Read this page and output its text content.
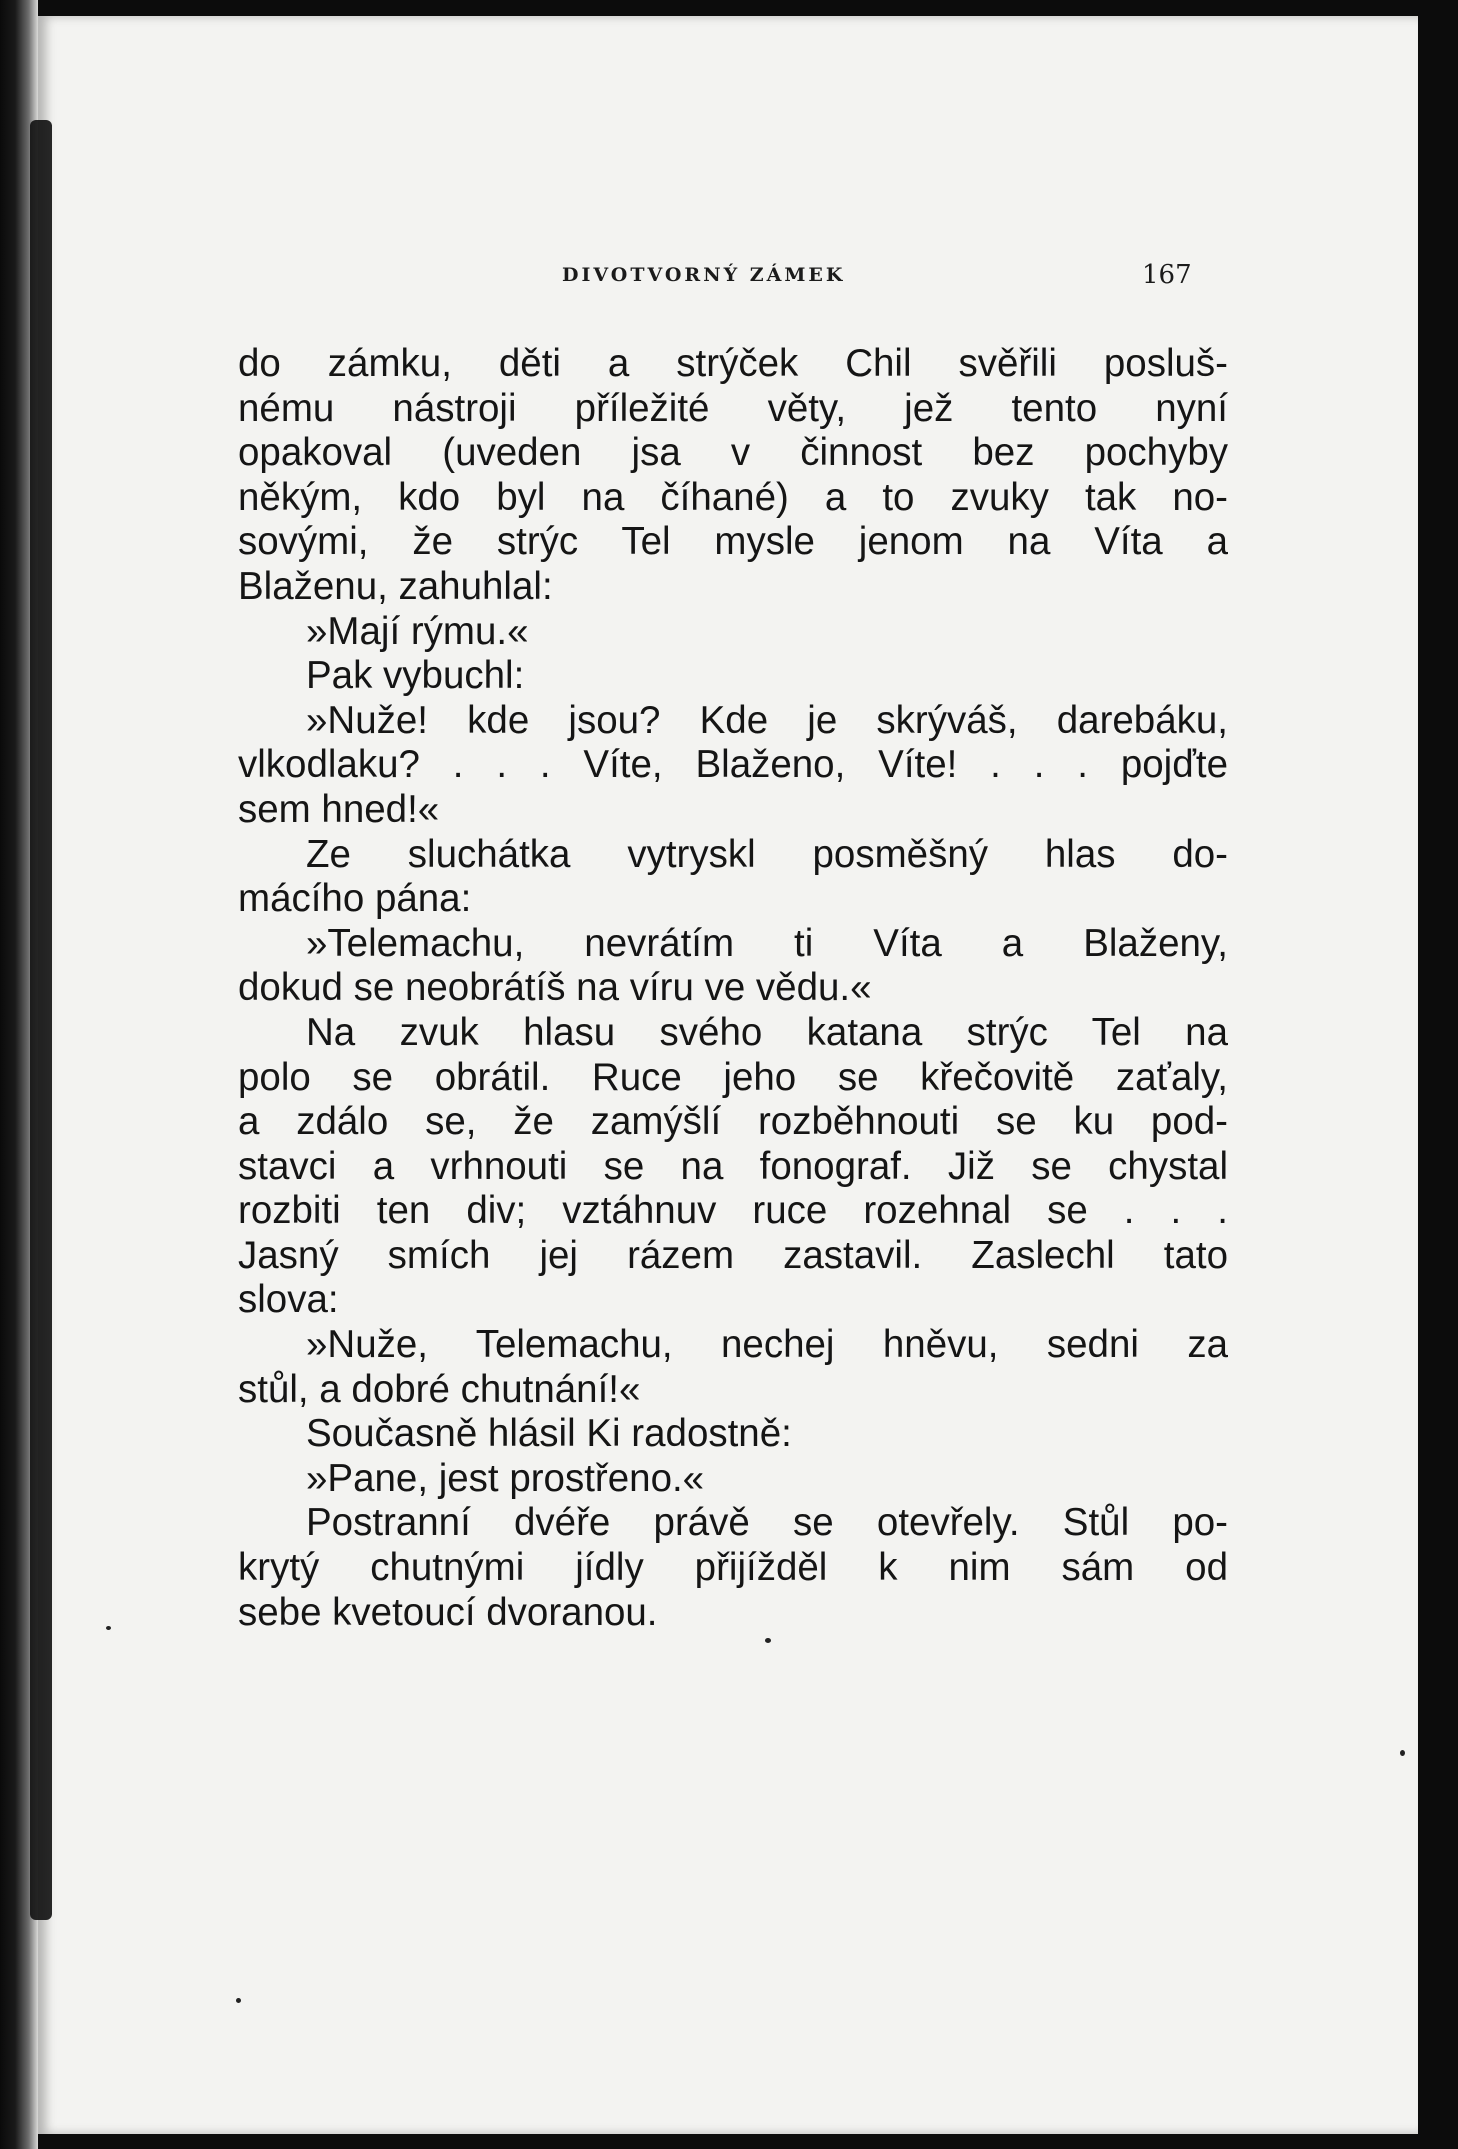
DIVOTVORNÝ ZÁMEK	167
do zámku, děti a strýček Chil svěřili posluš-
nému nástroji příležité věty, jež tento nyní
opakoval (uveden jsa v činnost bez pochyby
někým, kdo byl na číhané) a to zvuky tak no-
sovými, že strýc Tel mysle jenom na Víta a
Blaženu, zahuhlal:
»Mají rýmu.«
Pak vybuchl:
»Nuže! kde jsou? Kde je skrýváš, darebáku,
vlkodlaku? . . . Víte, Blaženo, Víte! . . . pojďte
sem hned!«
Ze sluchátka vytryskl posměšný hlas do-
mácího pána:
»Telemachu, nevrátím ti Víta a Blaženy,
dokud se neobrátíš na víru ve vědu.«
Na zvuk hlasu svého katana strýc Tel na
polo se obrátil. Ruce jeho se křečovitě zaťaly,
a zdálo se, že zamýšlí rozběhnouti se ku pod-
stavci a vrhnouti se na fonograf. Již se chystal
rozbiti ten div; vztáhnuv ruce rozehnal se . . .
Jasný smích jej rázem zastavil. Zaslechl tato
slova:
»Nuže, Telemachu, nechej hněvu, sedni za
stůl, a dobré chutnání!«
Současně hlásil Ki radostně:
»Pane, jest prostřeno.«
Postranní dvéře právě se otevřely. Stůl po-
krytý chutnými jídly přijížděl k nim sám od
sebe kvetoucí dvoranou.
